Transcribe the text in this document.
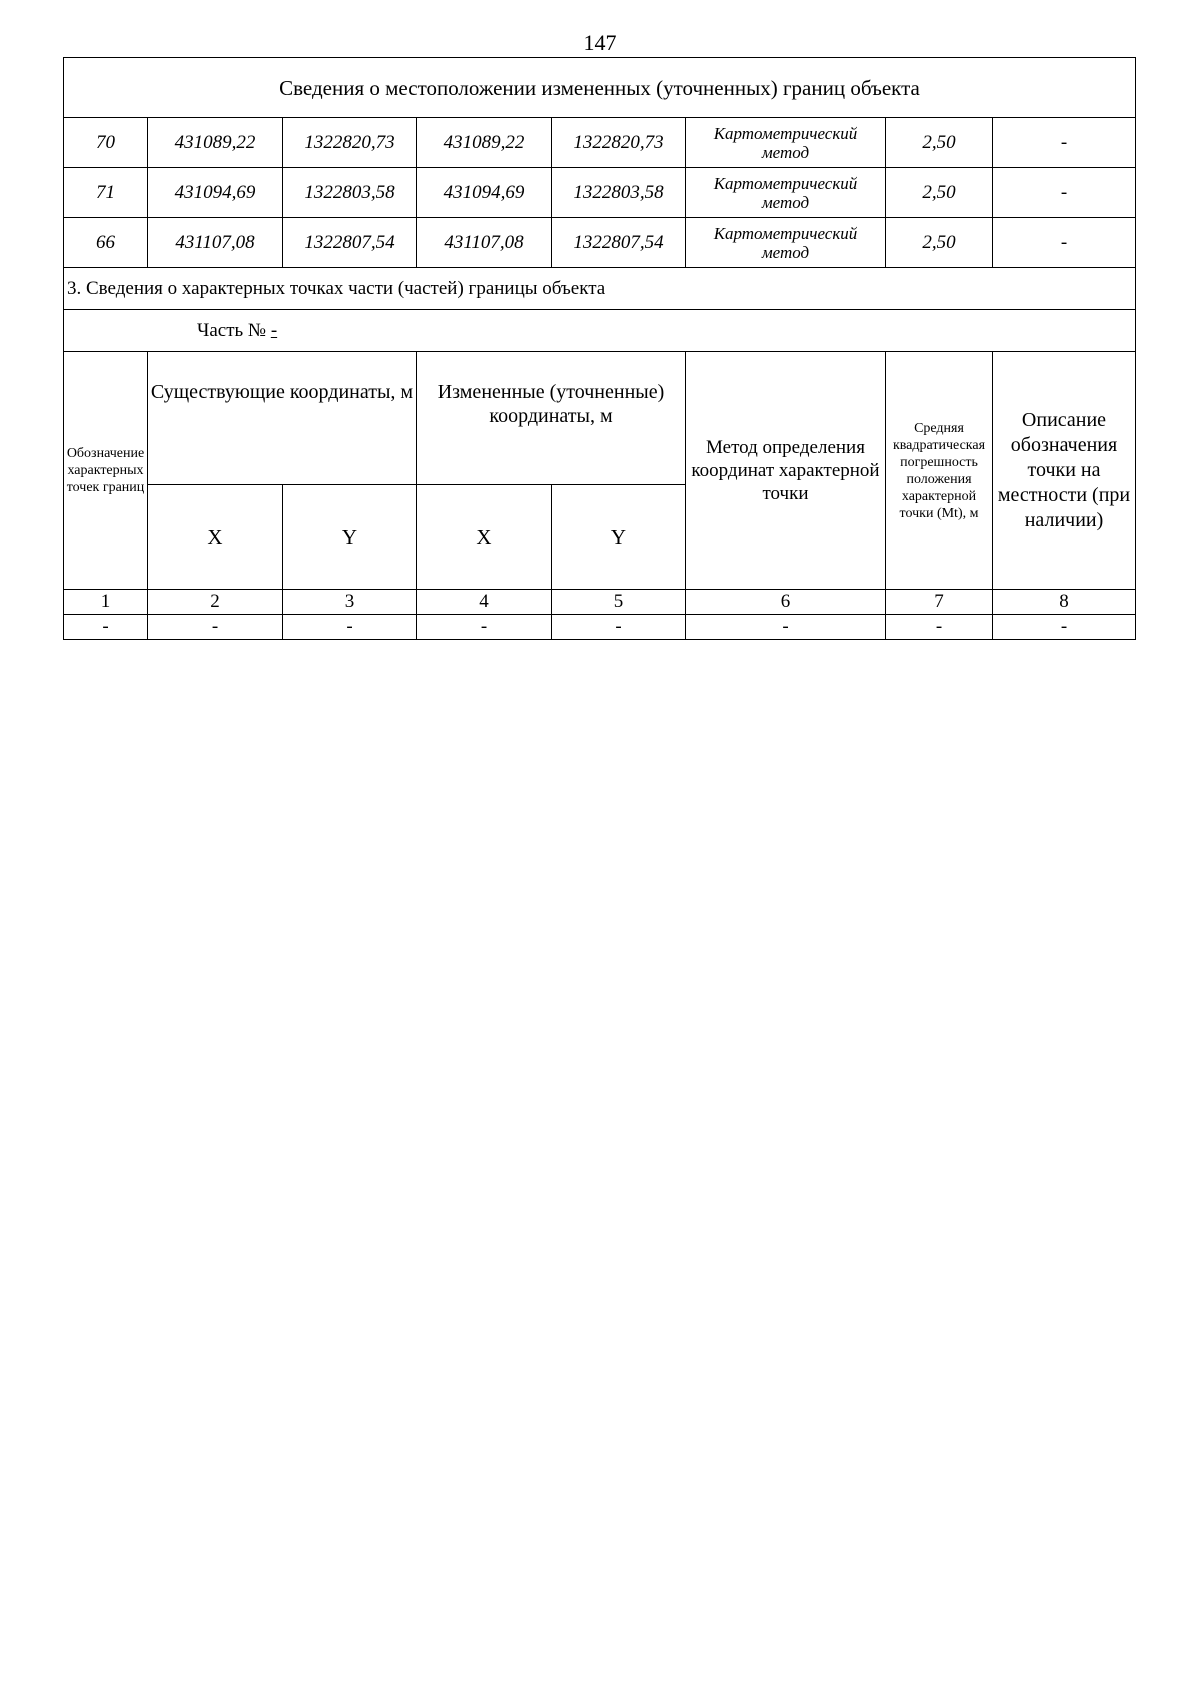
147
Сведения о местоположении измененных (уточненных) границ объекта							
70	431089,22	1322820,73	431089,22	1322820,73	Картометрический метод	2,50	-
71	431094,69	1322803,58	431094,69	1322803,58	Картометрический метод	2,50	-
66	431107,08	1322807,54	431107,08	1322807,54	Картометрический метод	2,50	-
3. Сведения о характерных точках части (частей) границы объекта							
Часть № -							
Обозначение характерных точек границ	Существующие координаты, м		Измененные (уточненные) координаты, м		Метод определения координат характерной точки	Средняя квадратическая погрешность положения характерной точки (Mt), м	Описание обозначения точки на местности (при наличии)
	X	Y	X	Y			
1	2	3	4	5	6	7	8
-	-	-	-	-	-	-	-
